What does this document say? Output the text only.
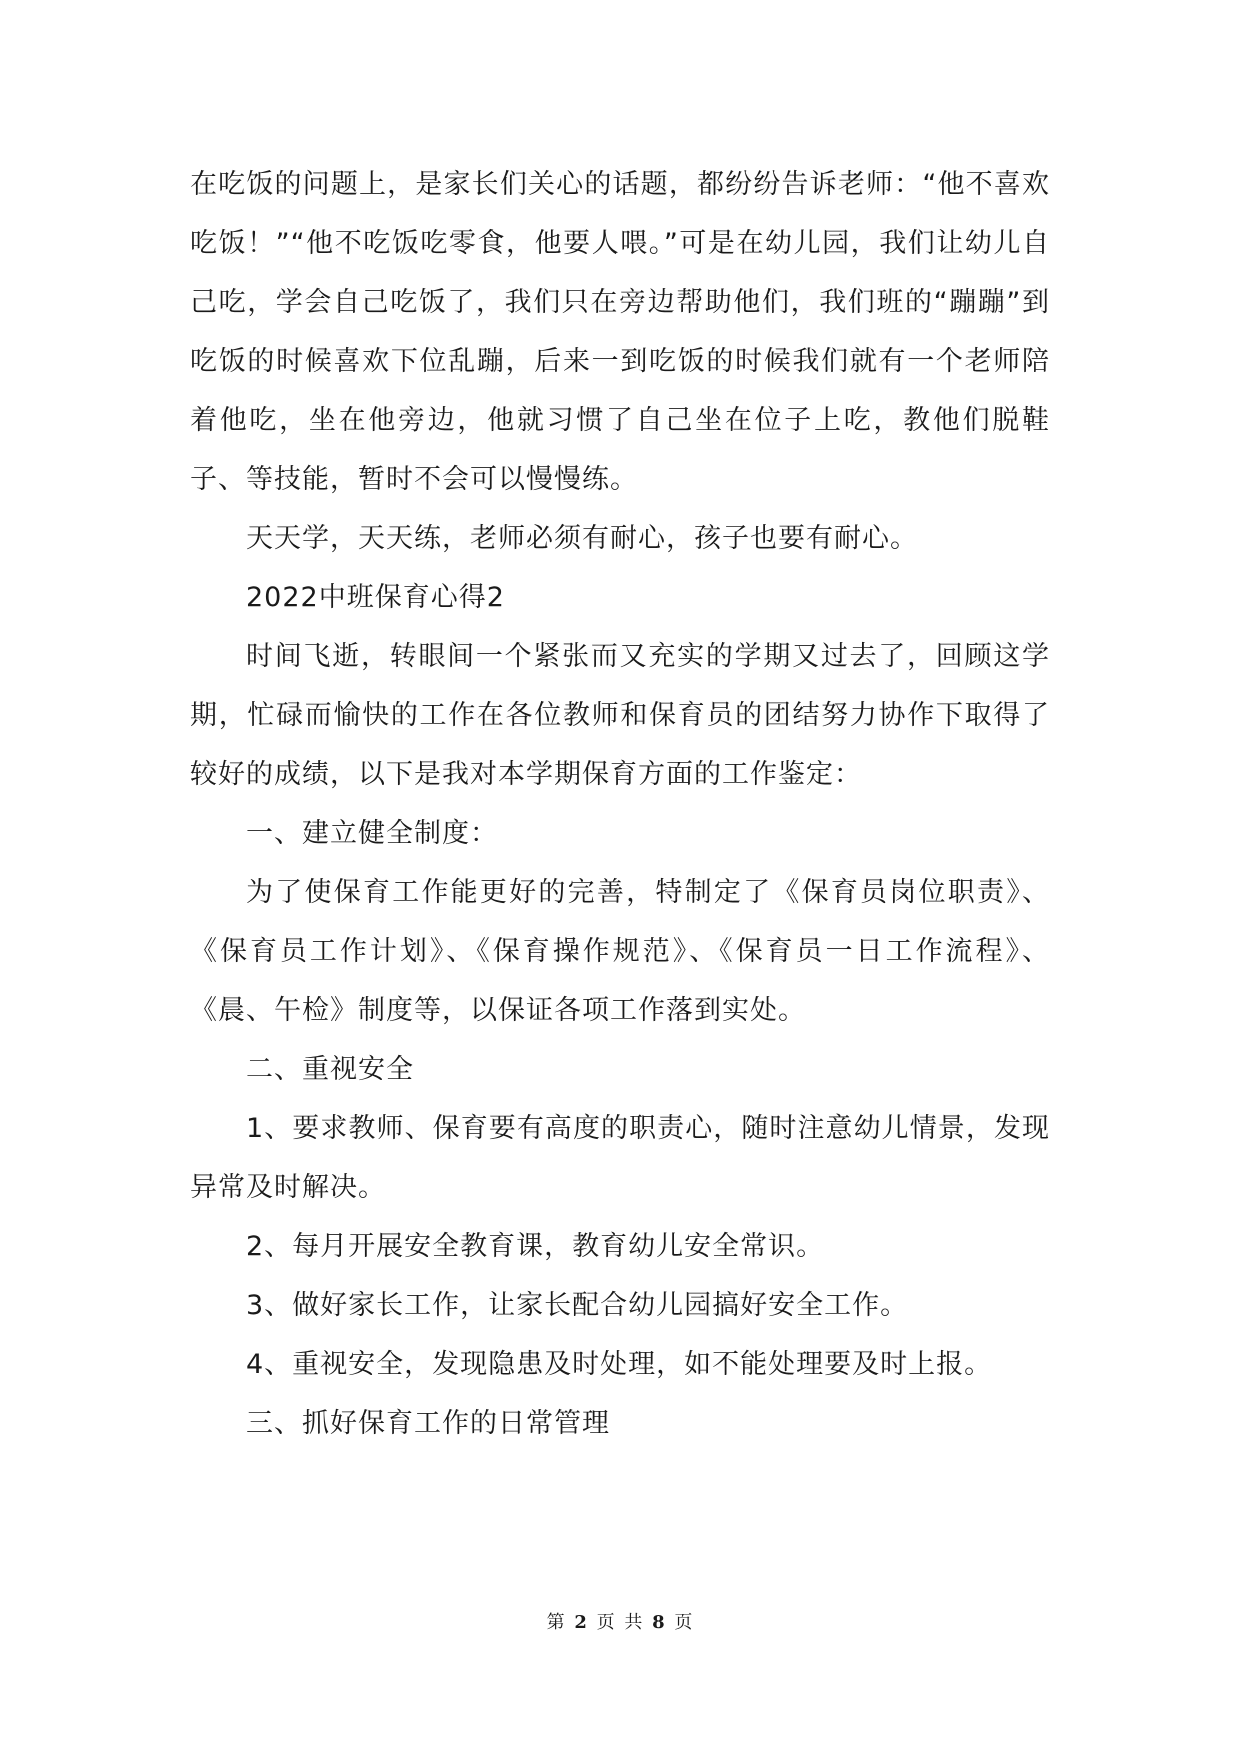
在吃饭的问题上，是家长们关心的话题，都纷纷告诉老师：“他不喜欢吃饭！”“他不吃饭吃零食，他要人喂。”可是在幼儿园，我们让幼儿自己吃，学会自己吃饭了，我们只在旁边帮助他们，我们班的“蹦蹦”到吃饭的时候喜欢下位乱蹦，后来一到吃饭的时候我们就有一个老师陪着他吃，坐在他旁边，他就习惯了自己坐在位子上吃，教他们脱鞋子、等技能，暂时不会可以慢慢练。

天天学，天天练，老师必须有耐心，孩子也要有耐心。

2022中班保育心得2

时间飞逝，转眼间一个紧张而又充实的学期又过去了，回顾这学期，忙碌而愉快的工作在各位教师和保育员的团结努力协作下取得了较好的成绩，以下是我对本学期保育方面的工作鉴定：

一、建立健全制度：

为了使保育工作能更好的完善，特制定了《保育员岗位职责》、《保育员工作计划》、《保育操作规范》、《保育员一日工作流程》、《晨、午检》制度等，以保证各项工作落到实处。

二、重视安全

1、要求教师、保育要有高度的职责心，随时注意幼儿情景，发现异常及时解决。

2、每月开展安全教育课，教育幼儿安全常识。

3、做好家长工作，让家长配合幼儿园搞好安全工作。

4、重视安全，发现隐患及时处理，如不能处理要及时上报。

三、抓好保育工作的日常管理

第 2 页 共 8 页
